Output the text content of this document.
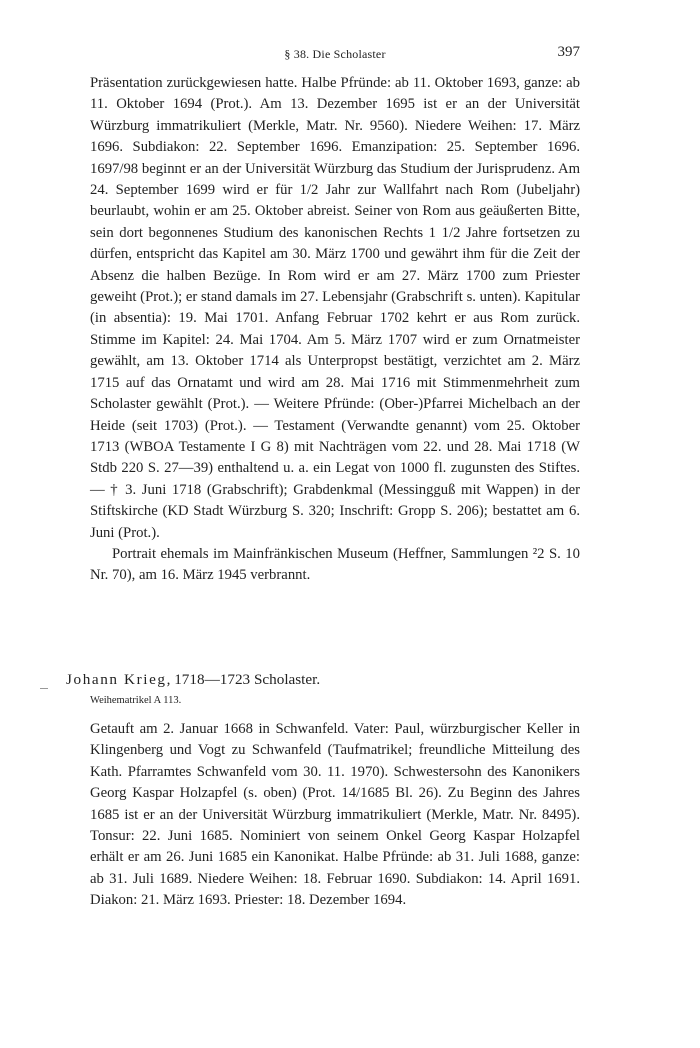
§ 38. Die Scholaster	397

Präsentation zurückgewiesen hatte. Halbe Pfründe: ab 11. Oktober 1693, ganze: ab 11. Oktober 1694 (Prot.). Am 13. Dezember 1695 ist er an der Universität Würzburg immatrikuliert (Merkle, Matr. Nr. 9560). Niedere Weihen: 17. März 1696. Subdiakon: 22. September 1696. Emanzipation: 25. September 1696. 1697/98 beginnt er an der Universität Würzburg das Studium der Jurisprudenz. Am 24. September 1699 wird er für 1/2 Jahr zur Wallfahrt nach Rom (Jubeljahr) beurlaubt, wohin er am 25. Oktober abreist. Seiner von Rom aus geäußerten Bitte, sein dort begonnenes Studium des kanonischen Rechts 1 1/2 Jahre fortsetzen zu dürfen, entspricht das Kapitel am 30. März 1700 und gewährt ihm für die Zeit der Absenz die halben Bezüge. In Rom wird er am 27. März 1700 zum Priester geweiht (Prot.); er stand damals im 27. Lebensjahr (Grabschrift s. unten). Kapitular (in absentia): 19. Mai 1701. Anfang Februar 1702 kehrt er aus Rom zurück. Stimme im Kapitel: 24. Mai 1704. Am 5. März 1707 wird er zum Ornatmeister gewählt, am 13. Oktober 1714 als Unterpropst bestätigt, verzichtet am 2. März 1715 auf das Ornatamt und wird am 28. Mai 1716 mit Stimmenmehrheit zum Scholaster gewählt (Prot.). — Weitere Pfründe: (Ober-)Pfarrei Michelbach an der Heide (seit 1703) (Prot.). — Testament (Verwandte genannt) vom 25. Oktober 1713 (WBOA Testamente I G 8) mit Nachträgen vom 22. und 28. Mai 1718 (W Stdb 220 S. 27—39) enthaltend u. a. ein Legat von 1000 fl. zugunsten des Stiftes. — † 3. Juni 1718 (Grabschrift); Grabdenkmal (Messingguß mit Wappen) in der Stiftskirche (KD Stadt Würzburg S. 320; Inschrift: Gropp S. 206); bestattet am 6. Juni (Prot.).

Portrait ehemals im Mainfränkischen Museum (Heffner, Sammlungen ²2 S. 10 Nr. 70), am 16. März 1945 verbrannt.

Johann Krieg, 1718—1723 Scholaster.
Weihematrikel A 113.

Getauft am 2. Januar 1668 in Schwanfeld. Vater: Paul, würzburgischer Keller in Klingenberg und Vogt zu Schwanfeld (Taufmatrikel; freundliche Mitteilung des Kath. Pfarramtes Schwanfeld vom 30. 11. 1970). Schwestersohn des Kanonikers Georg Kaspar Holzapfel (s. oben) (Prot. 14/1685 Bl. 26). Zu Beginn des Jahres 1685 ist er an der Universität Würzburg immatrikuliert (Merkle, Matr. Nr. 8495). Tonsur: 22. Juni 1685. Nominiert von seinem Onkel Georg Kaspar Holzapfel erhält er am 26. Juni 1685 ein Kanonikat. Halbe Pfründe: ab 31. Juli 1688, ganze: ab 31. Juli 1689. Niedere Weihen: 18. Februar 1690. Subdiakon: 14. April 1691. Diakon: 21. März 1693. Priester: 18. Dezember 1694.
